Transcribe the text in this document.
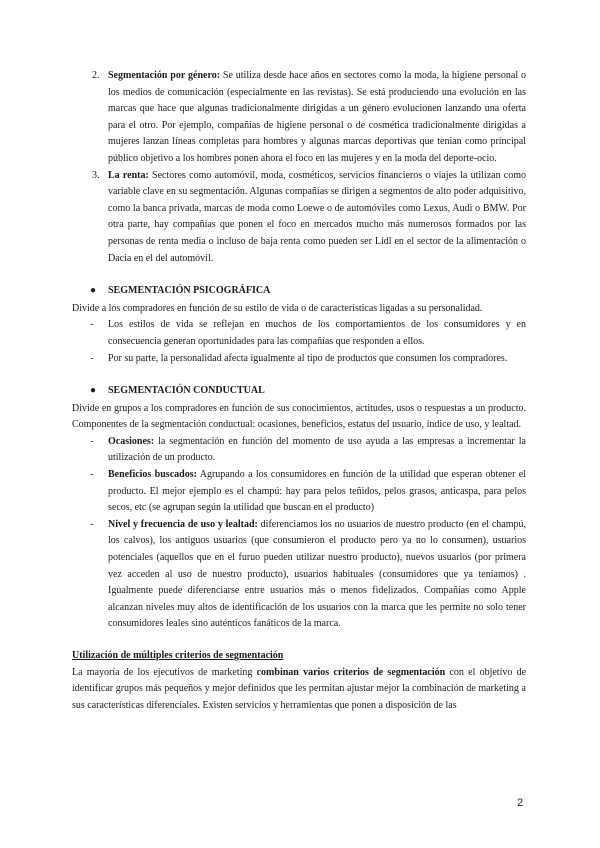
2. Segmentación por género: Se utiliza desde hace años en sectores como la moda, la higiene personal o los medios de comunicación (especialmente en las revistas). Se está produciendo una evolución en las marcas que hace que algunas tradicionalmente dirigidas a un género evolucionen lanzando una oferta para el otro. Por ejemplo, compañías de higiene personal o de cosmética tradicionalmente dirigidas a mujeres lanzan líneas completas para hombres y algunas marcas deportivas que tenían como principal público objetivo a los hombres ponen ahora el foco en las mujeres y en la moda del deporte-ocio.
3. La renta: Sectores como automóvil, moda, cosméticos, servicios financieros o viajes la utilizan como variable clave en su segmentación. Algunas compañías se dirigen a segmentos de alto poder adquisitivo, como la banca privada, marcas de moda como Loewe o de automóviles como Lexus, Audi o BMW. Por otra parte, hay compañías que ponen el foco en mercados mucho más numerosos formados por las personas de renta media o incluso de baja renta como pueden ser Lidl en el sector de la alimentación o Dacia en el del automóvil.
● SEGMENTACIÓN PSICOGRÁFICA

Divide a los compradores en función de su estilo de vida o de características ligadas a su personalidad.

- Los estilos de vida se reflejan en muchos de los comportamientos de los consumidores y en consecuencia generan oportunidades para las compañías que responden a ellos.
- Por su parte, la personalidad afecta igualmente al tipo de productos que consumen los compradores.
● SEGMENTACIÓN CONDUCTUAL

Divide en grupos a los compradores en función de sus conocimientos, actitudes, usos o respuestas a un producto. Componentes de la segmentación conductual: ocasiones, beneficios, estatus del usuario, índice de uso, y lealtad.

- Ocasiones: la segmentación en función del momento de uso ayuda a las empresas a incrementar la utilización de un producto.
- Beneficios buscados: Agrupando a los consumidores en función de la utilidad que esperan obtener el producto. El mejor ejemplo es el champú: hay para pelos teñidos, pelos grasos, anticaspa, para pelos secos, etc (se agrupan según la utilidad que buscan en el producto)
- Nivel y frecuencia de uso y lealtad: diferenciamos los no usuarios de nuestro producto (en el champú, los calvos), los antiguos usuarios (que consumieron el producto pero ya no lo consumen), usuarios potenciales (aquellos que en el furuo pueden utilizar nuestro producto), nuevos usuarios (por primera vez acceden al uso de nuestro producto), usuarios habituales (consumidores que ya teníamos) . Igualmente puede diferenciarse entre usuarios más o menos fidelizados. Compañías como Apple alcanzan niveles muy altos de identificación de los usuarios con la marca que les permite no solo tener consumidores leales sino auténticos fanáticos de la marca.
Utilización de múltiples criterios de segmentación

La mayoría de los ejecutivos de marketing combinan varios criterios de segmentación con el objetivo de identificar grupos más pequeños y mejor definidos que les permitan ajustar mejor la combinación de marketing a sus características diferenciales. Existen servicios y herramientas que ponen a disposición de las

2
